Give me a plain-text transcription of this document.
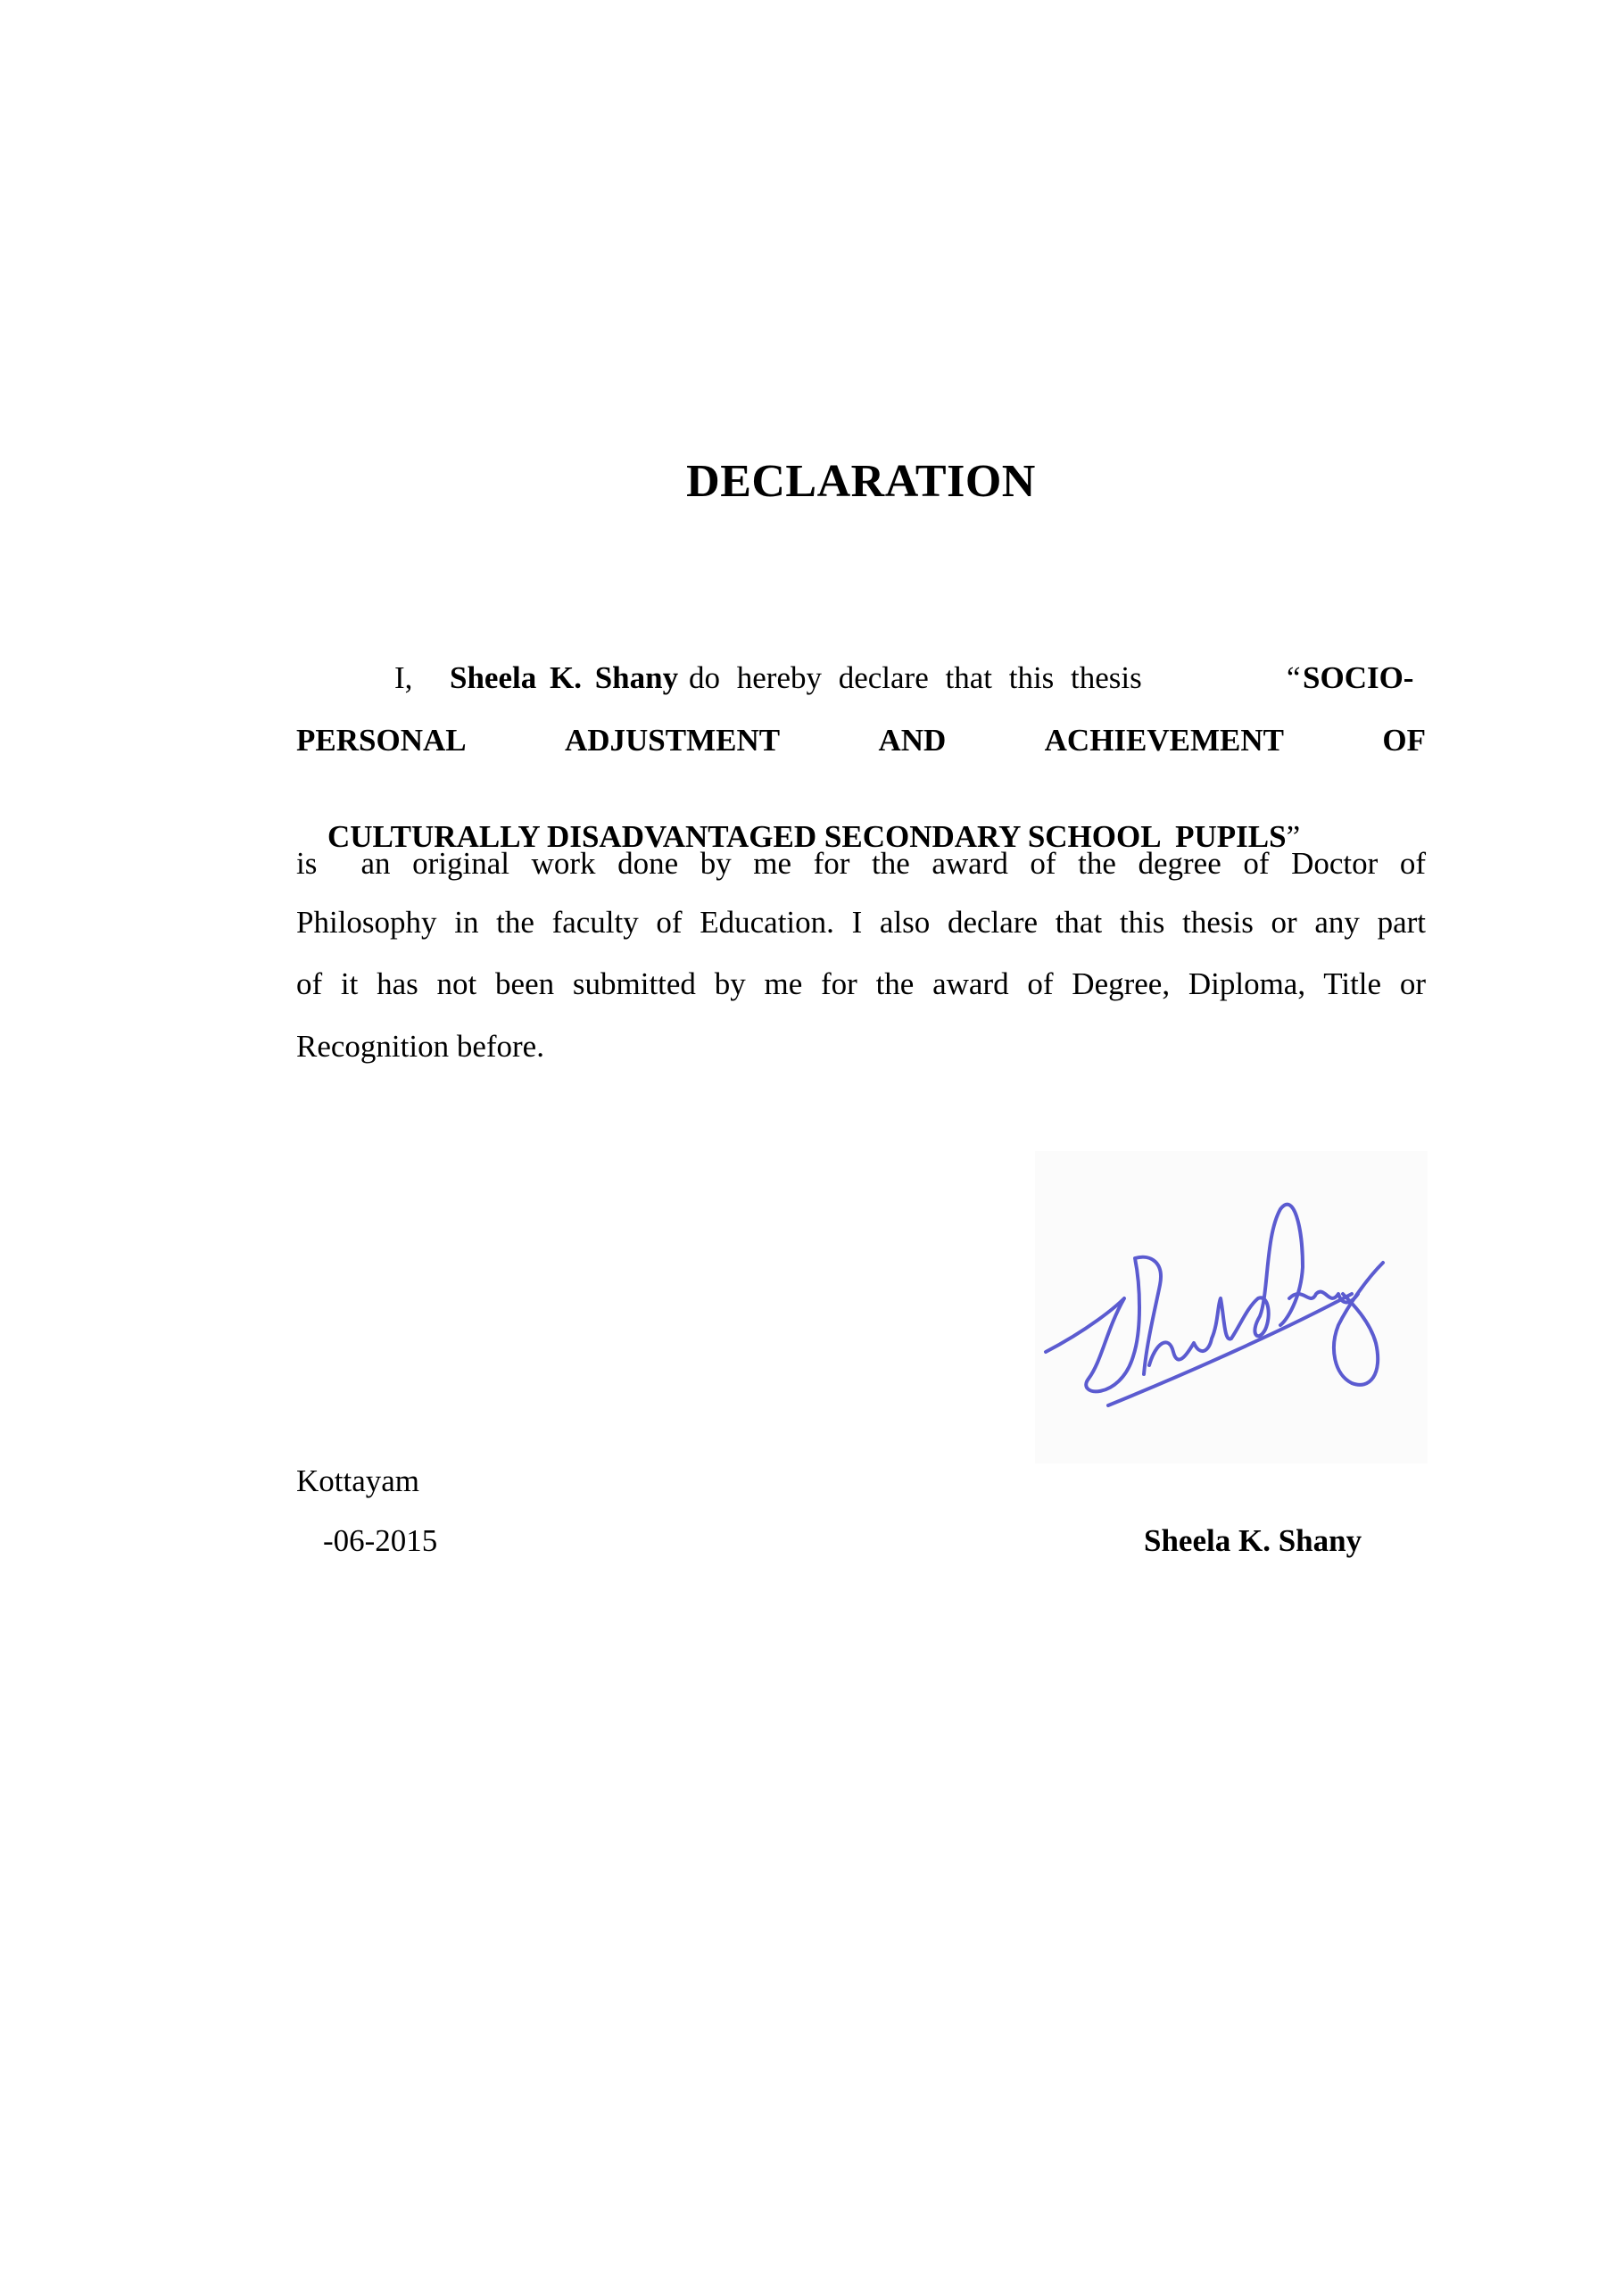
DECLARATION
I, Sheela K. Shany do hereby declare that this thesis	“ SOCIO-
PERSONAL	ADJUSTMENT	AND	ACHIEVEMENT	OF

CULTURALLY DISADVANTAGED SECONDARY SCHOOL  PUPILS”

is  an original work done by me for the award of the degree of Doctor of
Philosophy in the faculty of Education. I also declare that this thesis or any part
of it has not been submitted by me for the award of Degree, Diploma, Title or
Recognition before.
Kottayam
-06-2015	Sheela K. Shany
